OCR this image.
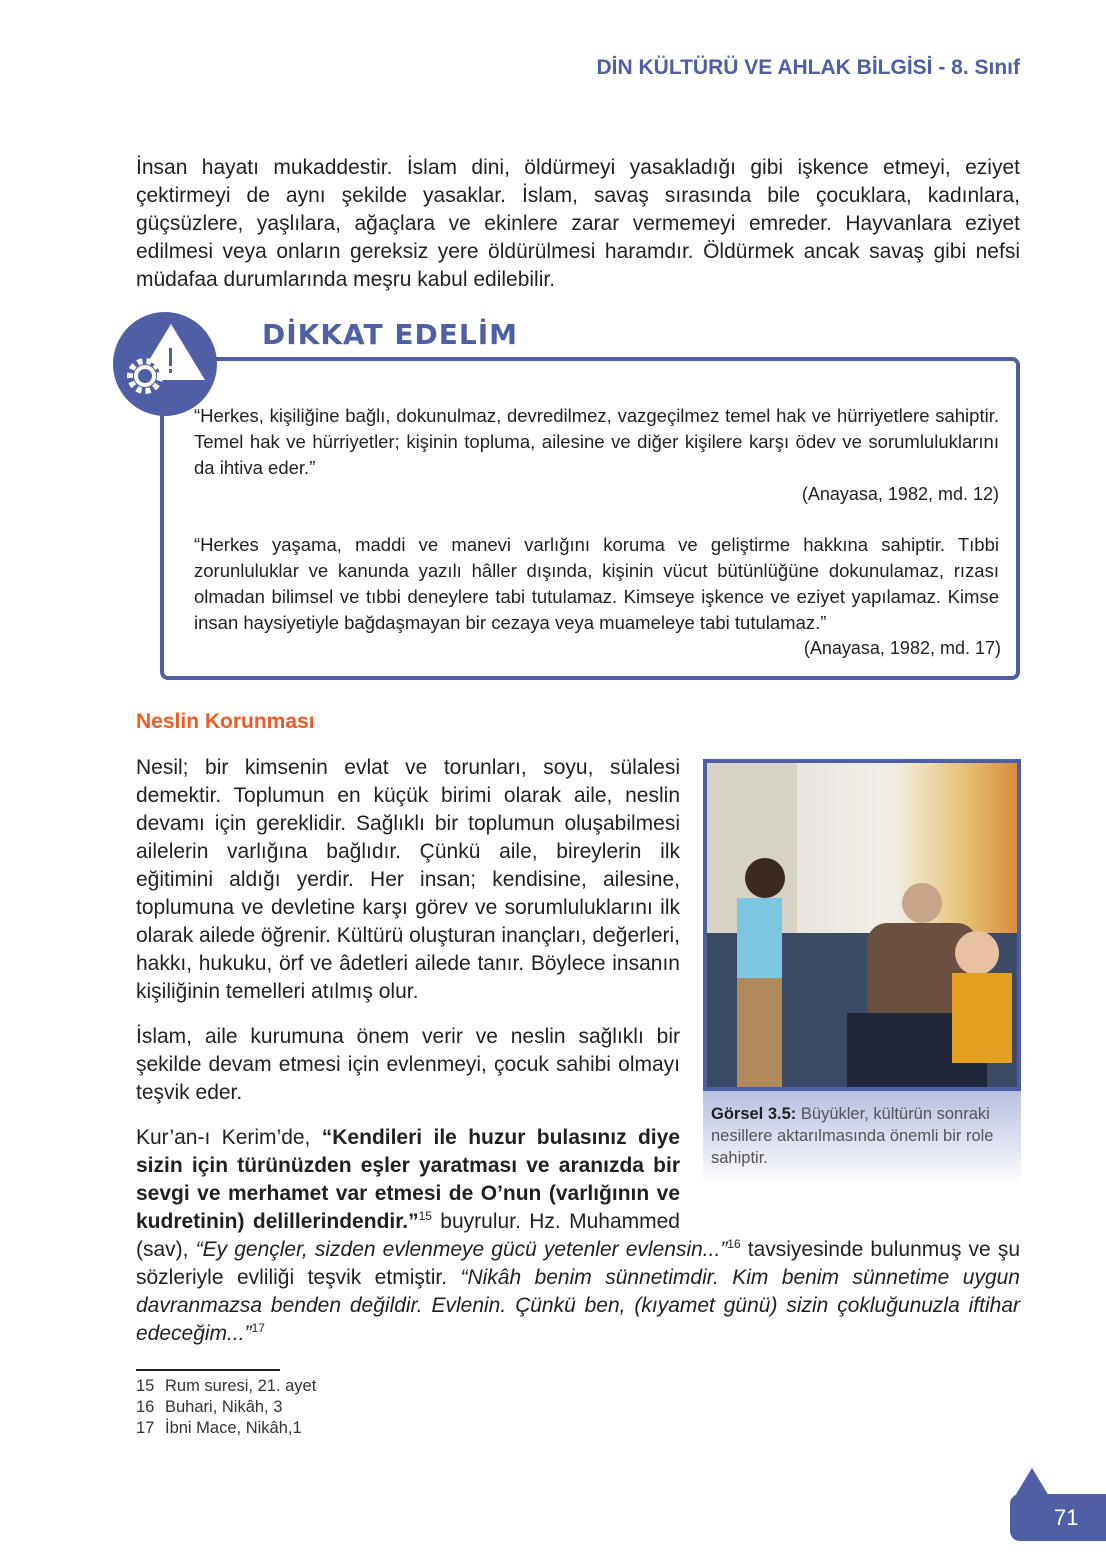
DİN KÜLTÜRÜ VE AHLAK BİLGİSİ - 8. Sınıf
İnsan hayatı mukaddestir. İslam dini, öldürmeyi yasakladığı gibi işkence etmeyi, eziyet çektirmeyi de aynı şekilde yasaklar. İslam, savaş sırasında bile çocuklara, kadınlara, güçsüzlere, yaşlılara, ağaçlara ve ekinlere zarar vermemeyi emreder. Hayvanlara eziyet edilmesi veya onların gereksiz yere öldürülmesi haramdır. Öldürmek ancak savaş gibi nefsi müdafaa durumlarında meşru kabul edilebilir.
DİKKAT EDELİM
“Herkes, kişiliğine bağlı, dokunulmaz, devredilmez, vazgeçilmez temel hak ve hürriyetlere sahiptir. Temel hak ve hürriyetler; kişinin topluma, ailesine ve diğer kişilere karşı ödev ve sorumluluklarını da ihtiva eder.”
(Anayasa, 1982, md. 12)
“Herkes yaşama, maddi ve manevi varlığını koruma ve geliştirme hakkına sahiptir. Tıbbi zorunluluklar ve kanunda yazılı hâller dışında, kişinin vücut bütünlüğüne dokunulamaz, rızası olmadan bilimsel ve tıbbi deneylere tabi tutulamaz. Kimseye işkence ve eziyet yapılamaz. Kimse insan haysiyetiyle bağdaşmayan bir cezaya veya muameleye tabi tutulamaz.”
(Anayasa, 1982, md. 17)
Neslin Korunması
Nesil; bir kimsenin evlat ve torunları, soyu, sülalesi demektir. Toplumun en küçük birimi olarak aile, neslin devamı için gereklidir. Sağlıklı bir toplumun oluşabilmesi ailelerin varlığına bağlıdır. Çünkü aile, bireylerin ilk eğitimini aldığı yerdir. Her insan; kendisine, ailesine, toplumuna ve devletine karşı görev ve sorumluluklarını ilk olarak ailede öğrenir. Kültürü oluşturan inançları, değerleri, hakkı, hukuku, örf ve âdetleri ailede tanır. Böylece insanın kişiliğinin temelleri atılmış olur.
İslam, aile kurumuna önem verir ve neslin sağlıklı bir şekilde devam etmesi için evlenmeyi, çocuk sahibi olmayı teşvik eder.
Kur’an-ı Kerim’de, “Kendileri ile huzur bulasınız diye sizin için türünüzden eşler yaratması ve aranızda bir sevgi ve merhamet var etmesi de O’nun (varlığının ve kudretinin) delillerindendir.”$^{15}$ buyrulur. Hz. Muhammed (sav), “Ey gençler, sizden evlenmeye gücü yetenler evlensin...”$^{16}$ tavsiyesinde bulunmuş ve şu sözleriyle evliliği teşvik etmiştir. “Nikâh benim sünnetimdir. Kim benim sünnetime uygun davranmazsa benden değildir. Evlenin. Çünkü ben, (kıyamet günü) sizin çokluğunuzla iftihar edeceğim...”$^{17}$
Görsel 3.5: Büyükler, kültürün sonraki nesillere aktarılmasında önemli bir role sahiptir.
15 Rum suresi, 21. ayet
16 Buhari, Nikâh, 3
17 İbni Mace, Nikâh,1
71
